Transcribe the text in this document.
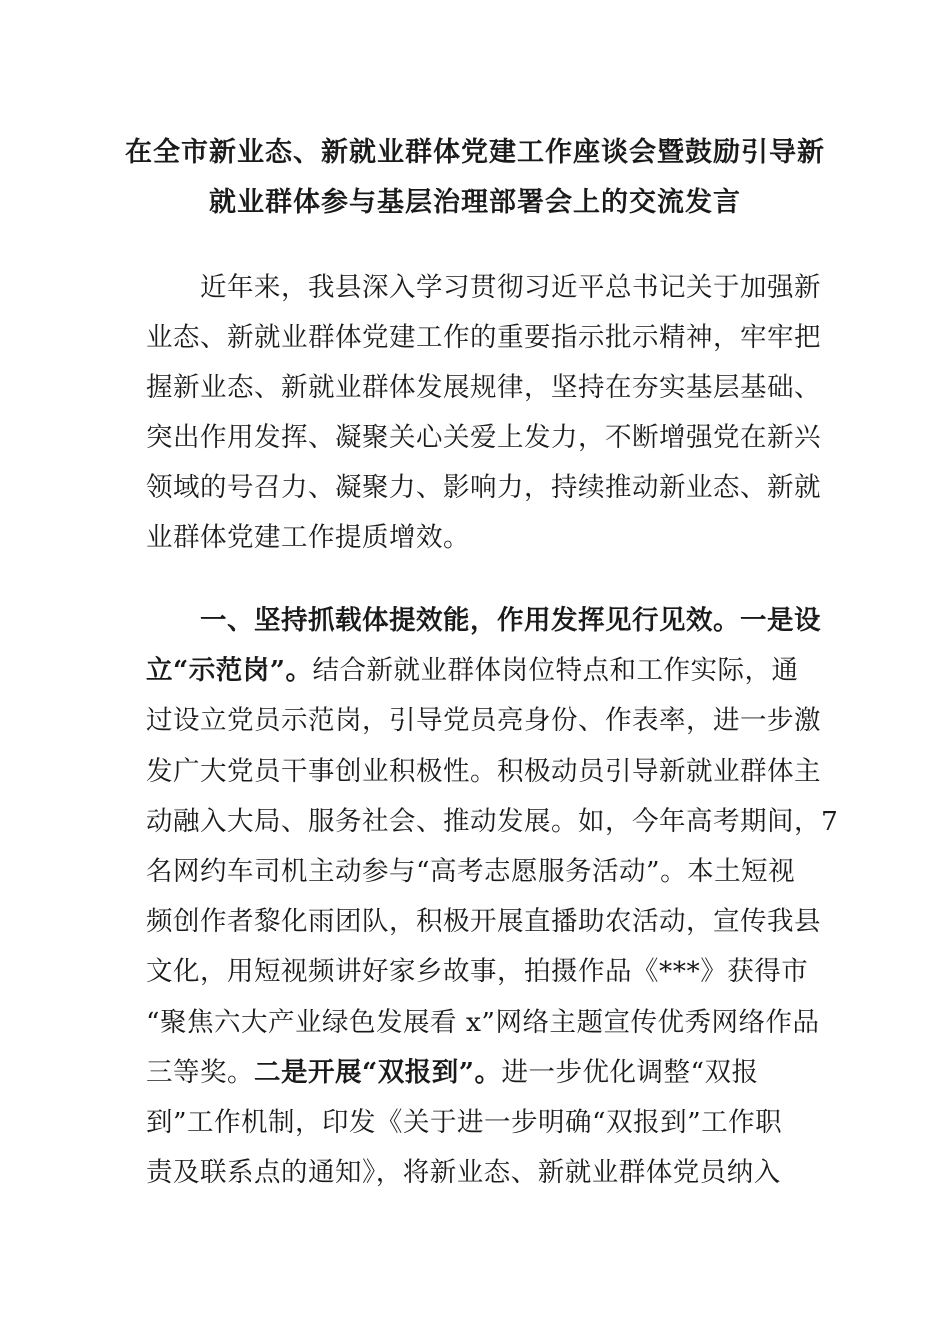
在全市新业态、新就业群体党建工作座谈会暨鼓励引导新
就业群体参与基层治理部署会上的交流发言
近年来，我县深入学习贯彻习近平总书记关于加强新
业态、新就业群体党建工作的重要指示批示精神，牢牢把
握新业态、新就业群体发展规律，坚持在夯实基层基础、
突出作用发挥、凝聚关心关爱上发力，不断增强党在新兴
领域的号召力、凝聚力、影响力，持续推动新业态、新就
业群体党建工作提质增效。
一、坚持抓载体提效能，作用发挥见行见效。一是设
立“示范岗”。结合新就业群体岗位特点和工作实际，通
过设立党员示范岗，引导党员亮身份、作表率，进一步激
发广大党员干事创业积极性。积极动员引导新就业群体主
动融入大局、服务社会、推动发展。如，今年高考期间，7
名网约车司机主动参与“高考志愿服务活动”。本土短视
频创作者黎化雨团队，积极开展直播助农活动，宣传我县
文化，用短视频讲好家乡故事，拍摄作品《***》获得市
“聚焦六大产业绿色发展看 x”网络主题宣传优秀网络作品
三等奖。二是开展“双报到”。进一步优化调整“双报
到”工作机制，印发《关于进一步明确“双报到”工作职
责及联系点的通知》，将新业态、新就业群体党员纳入
